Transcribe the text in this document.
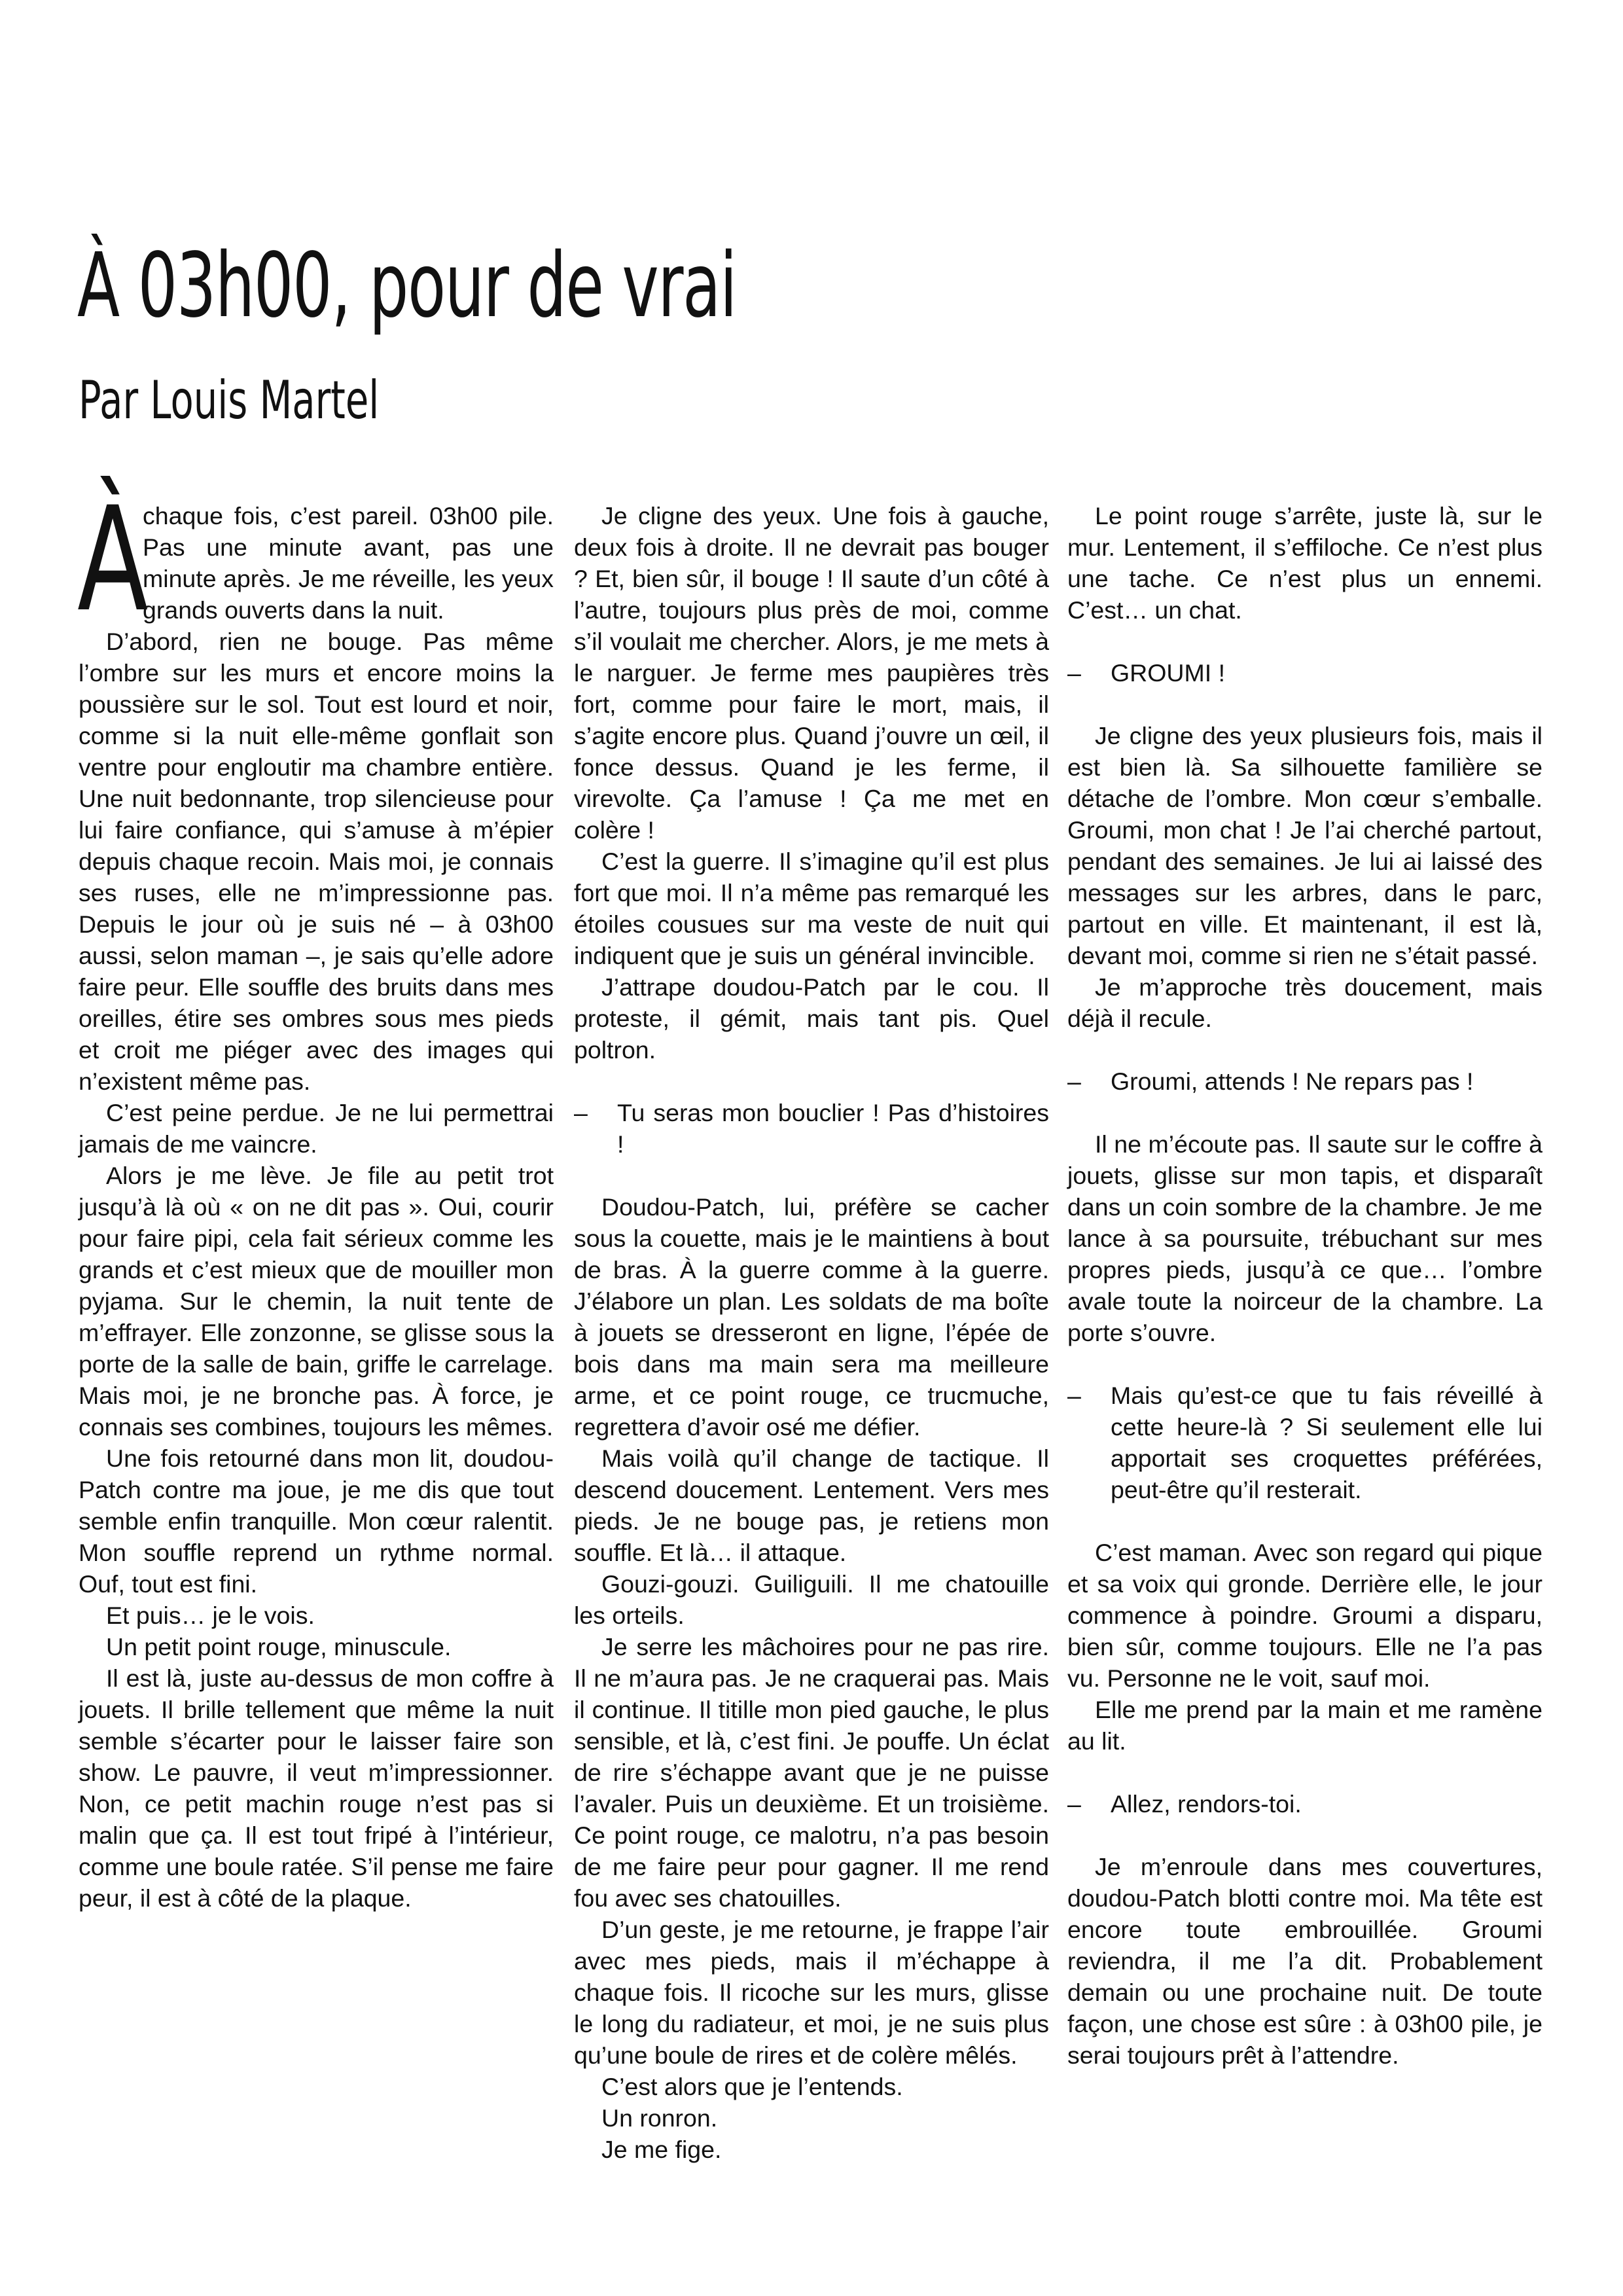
À 03h00, pour de vrai
Par Louis Martel

À
chaque fois, c’est pareil. 03h00 pile. Pas une minute avant, pas une minute après. Je me réveille, les yeux grands ouverts dans la nuit.

D’abord, rien ne bouge. Pas même l’ombre sur les murs et encore moins la poussière sur le sol. Tout est lourd et noir, comme si la nuit elle-même gonflait son ventre pour engloutir ma chambre entière. Une nuit bedonnante, trop silencieuse pour lui faire confiance, qui s’amuse à m’épier depuis chaque recoin. Mais moi, je connais ses ruses, elle ne m’impressionne pas. Depuis le jour où je suis né – à 03h00 aussi, selon maman –, je sais qu’elle adore faire peur. Elle souffle des bruits dans mes oreilles, étire ses ombres sous mes pieds et croit me piéger avec des images qui n’existent même pas.

C’est peine perdue. Je ne lui permettrai jamais de me vaincre.

Alors je me lève. Je file au petit trot jusqu’à là où « on ne dit pas ». Oui, courir pour faire pipi, cela fait sérieux comme les grands et c’est mieux que de mouiller mon pyjama. Sur le chemin, la nuit tente de m’effrayer. Elle zonzonne, se glisse sous la porte de la salle de bain, griffe le carrelage. Mais moi, je ne bronche pas. À force, je connais ses combines, toujours les mêmes.

Une fois retourné dans mon lit, doudou-Patch contre ma joue, je me dis que tout semble enfin tranquille. Mon cœur ralentit. Mon souffle reprend un rythme normal. Ouf, tout est fini.

Et puis… je le vois.

Un petit point rouge, minuscule.

Il est là, juste au-dessus de mon coffre à jouets. Il brille tellement que même la nuit semble s’écarter pour le laisser faire son show. Le pauvre, il veut m’impressionner. Non, ce petit machin rouge n’est pas si malin que ça. Il est tout fripé à l’intérieur, comme une boule ratée. S’il pense me faire peur, il est à côté de la plaque.

Je cligne des yeux. Une fois à gauche, deux fois à droite. Il ne devrait pas bouger ? Et, bien sûr, il bouge ! Il saute d’un côté à l’autre, toujours plus près de moi, comme s’il voulait me chercher. Alors, je me mets à le narguer. Je ferme mes paupières très fort, comme pour faire le mort, mais, il s’agite encore plus. Quand j’ouvre un œil, il fonce dessus. Quand je les ferme, il virevolte. Ça l’amuse ! Ça me met en colère !

C’est la guerre. Il s’imagine qu’il est plus fort que moi. Il n’a même pas remarqué les étoiles cousues sur ma veste de nuit qui indiquent que je suis un général invincible.

J’attrape doudou-Patch par le cou. Il proteste, il gémit, mais tant pis. Quel poltron.

– Tu seras mon bouclier ! Pas d’histoires !

Doudou-Patch, lui, préfère se cacher sous la couette, mais je le maintiens à bout de bras. À la guerre comme à la guerre. J’élabore un plan. Les soldats de ma boîte à jouets se dresseront en ligne, l’épée de bois dans ma main sera ma meilleure arme, et ce point rouge, ce trucmuche, regrettera d’avoir osé me défier.

Mais voilà qu’il change de tactique. Il descend doucement. Lentement. Vers mes pieds. Je ne bouge pas, je retiens mon souffle. Et là… il attaque.

Gouzi-gouzi. Guiliguili. Il me chatouille les orteils.

Je serre les mâchoires pour ne pas rire. Il ne m’aura pas. Je ne craquerai pas. Mais il continue. Il titille mon pied gauche, le plus sensible, et là, c’est fini. Je pouffe. Un éclat de rire s’échappe avant que je ne puisse l’avaler. Puis un deuxième. Et un troisième. Ce point rouge, ce malotru, n’a pas besoin de me faire peur pour gagner. Il me rend fou avec ses chatouilles.

D’un geste, je me retourne, je frappe l’air avec mes pieds, mais il m’échappe à chaque fois. Il ricoche sur les murs, glisse le long du radiateur, et moi, je ne suis plus qu’une boule de rires et de colère mêlés.

C’est alors que je l’entends.

Un ronron.

Je me fige.

Le point rouge s’arrête, juste là, sur le mur. Lentement, il s’effiloche. Ce n’est plus une tache. Ce n’est plus un ennemi. C’est… un chat.

– GROUMI !

Je cligne des yeux plusieurs fois, mais il est bien là. Sa silhouette familière se détache de l’ombre. Mon cœur s’emballe. Groumi, mon chat ! Je l’ai cherché partout, pendant des semaines. Je lui ai laissé des messages sur les arbres, dans le parc, partout en ville. Et maintenant, il est là, devant moi, comme si rien ne s’était passé.

Je m’approche très doucement, mais déjà il recule.

– Groumi, attends ! Ne repars pas !

Il ne m’écoute pas. Il saute sur le coffre à jouets, glisse sur mon tapis, et disparaît dans un coin sombre de la chambre. Je me lance à sa poursuite, trébuchant sur mes propres pieds, jusqu’à ce que… l’ombre avale toute la noirceur de la chambre. La porte s’ouvre.

– Mais qu’est-ce que tu fais réveillé à cette heure-là ? Si seulement elle lui apportait ses croquettes préférées, peut-être qu’il resterait.

C’est maman. Avec son regard qui pique et sa voix qui gronde. Derrière elle, le jour commence à poindre. Groumi a disparu, bien sûr, comme toujours. Elle ne l’a pas vu. Personne ne le voit, sauf moi.

Elle me prend par la main et me ramène au lit.

– Allez, rendors-toi.

Je m’enroule dans mes couvertures, doudou-Patch blotti contre moi. Ma tête est encore toute embrouillée. Groumi reviendra, il me l’a dit. Probablement demain ou une prochaine nuit. De toute façon, une chose est sûre : à 03h00 pile, je serai toujours prêt à l’attendre.
